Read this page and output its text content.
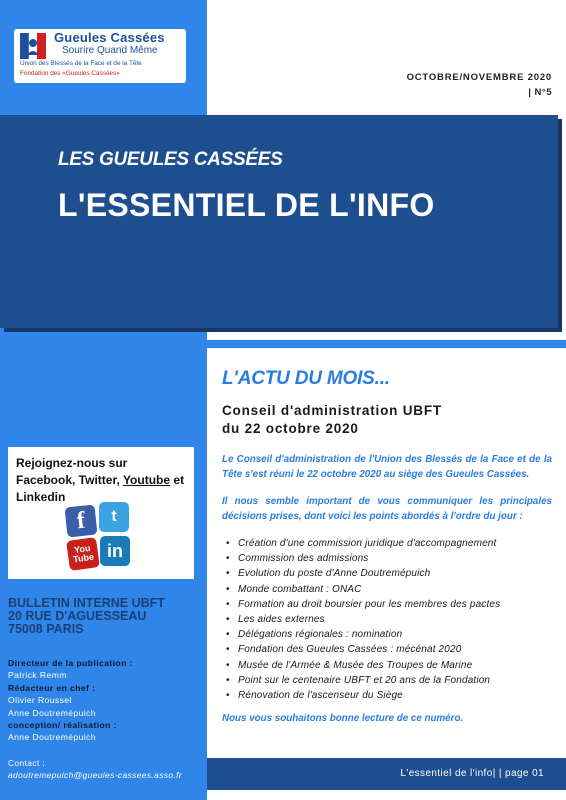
Gueules Cassées
Sourire Quand Même
Union des Blessés de la Face et de la Tête
Fondation des «Gueules Cassées»	OCTOBRE/NOVEMBRE 2020
| N°5
LES GUEULES CASSÉES
L'ESSENTIEL DE L'INFO
Rejoignez-nous sur Facebook, Twitter, Youtube et Linkedin
f	t
You
Tube in
BULLETIN INTERNE UBFT
20 RUE D'AGUESSEAU
75008 PARIS
Directeur de la publication :
Patrick Remm
Rédacteur en chef :
Olivier Roussel
Anne Doutremépuich
conception/ réalisation :
Anne Doutremépuich
Contact :
adoutremepuich@gueules-cassees.asso.fr
L'ACTU DU MOIS...
Conseil d'administration UBFT
du 22 octobre 2020

Le Conseil d'administration de l'Union des Blessés de la Face et de la Tête s'est réuni le 22 octobre 2020 au siège des Gueules Cassées.

Il nous semble important de vous communiquer les principales décisions prises, dont voici les points abordés à l'ordre du jour :

• Création d'une commission juridique d'accompagnement
• Commission des admissions
• Evolution du poste d'Anne Doutremépuich
• Monde combattant : ONAC
• Formation au droit boursier pour les membres des pactes
• Les aides externes
• Délégations régionales : nomination
• Fondation des Gueules Cassées : mécénat 2020
• Musée de l'Armée & Musée des Troupes de Marine
• Point sur le centenaire UBFT et 20 ans de la Fondation
• Rénovation de l'ascenseur du Siège

Nous vous souhaitons bonne lecture de ce numéro.

L'essentiel de l'info| | page 01
